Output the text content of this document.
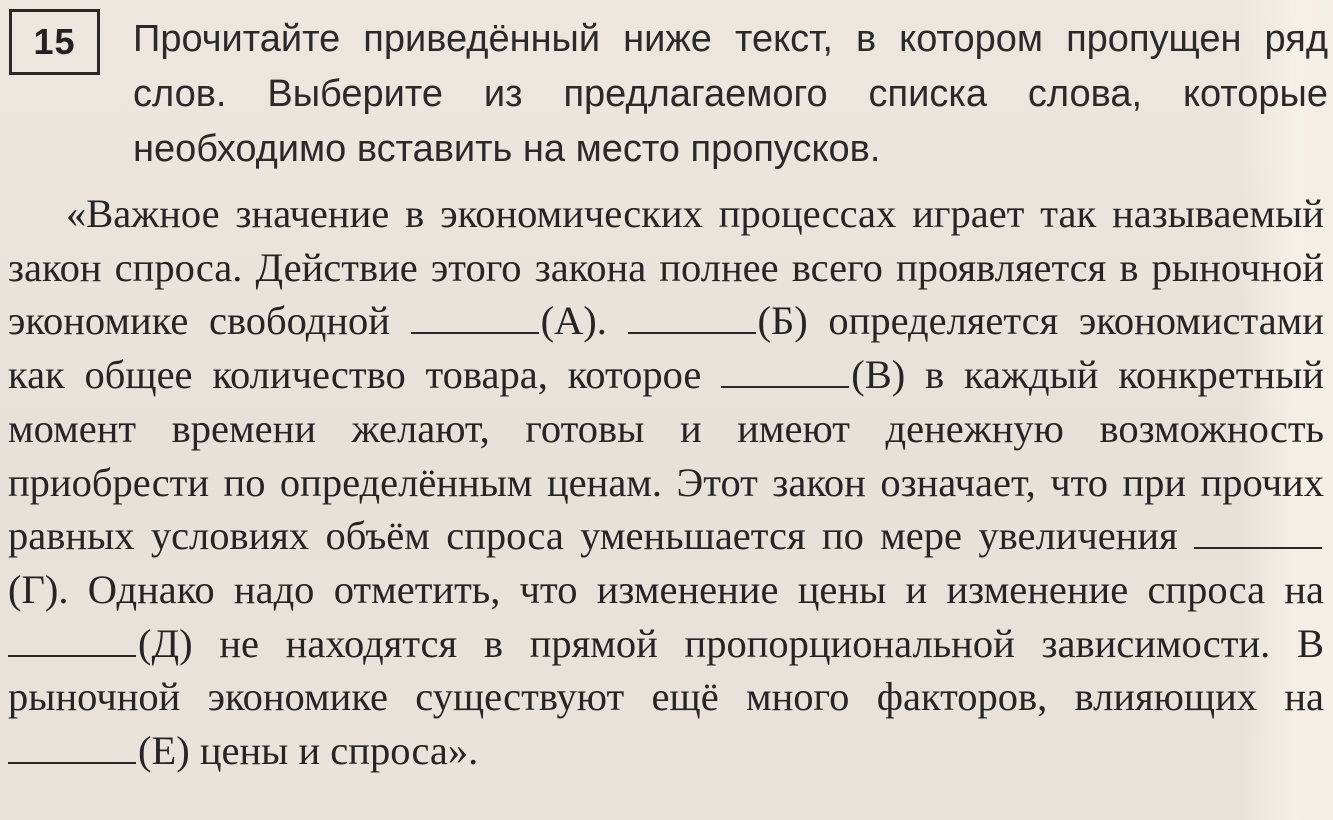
15 Прочитайте приведённый ниже текст, в котором пропущен ряд слов. Выберите из предлагаемого списка слова, которые необходимо вставить на место пропусков.

«Важное значение в экономических процессах играет так называемый закон спроса. Действие этого закона полнее всего проявляется в рыночной экономике свободной	(А).	(Б) определяется экономистами как общее количество товара, которое	(В) в каждый конкретный момент времени желают, готовы и имеют денежную возможность приобрести по определённым ценам. Этот закон означает, что при прочих равных условиях объём спроса уменьшается по мере увеличения (Г). Однако надо отметить, что изменение цены и изменение спроса на (Д) не находятся в прямой пропорциональной зависимости. В рыночной экономике существуют ещё много факторов, влияющих на (Е) цены и спроса».
